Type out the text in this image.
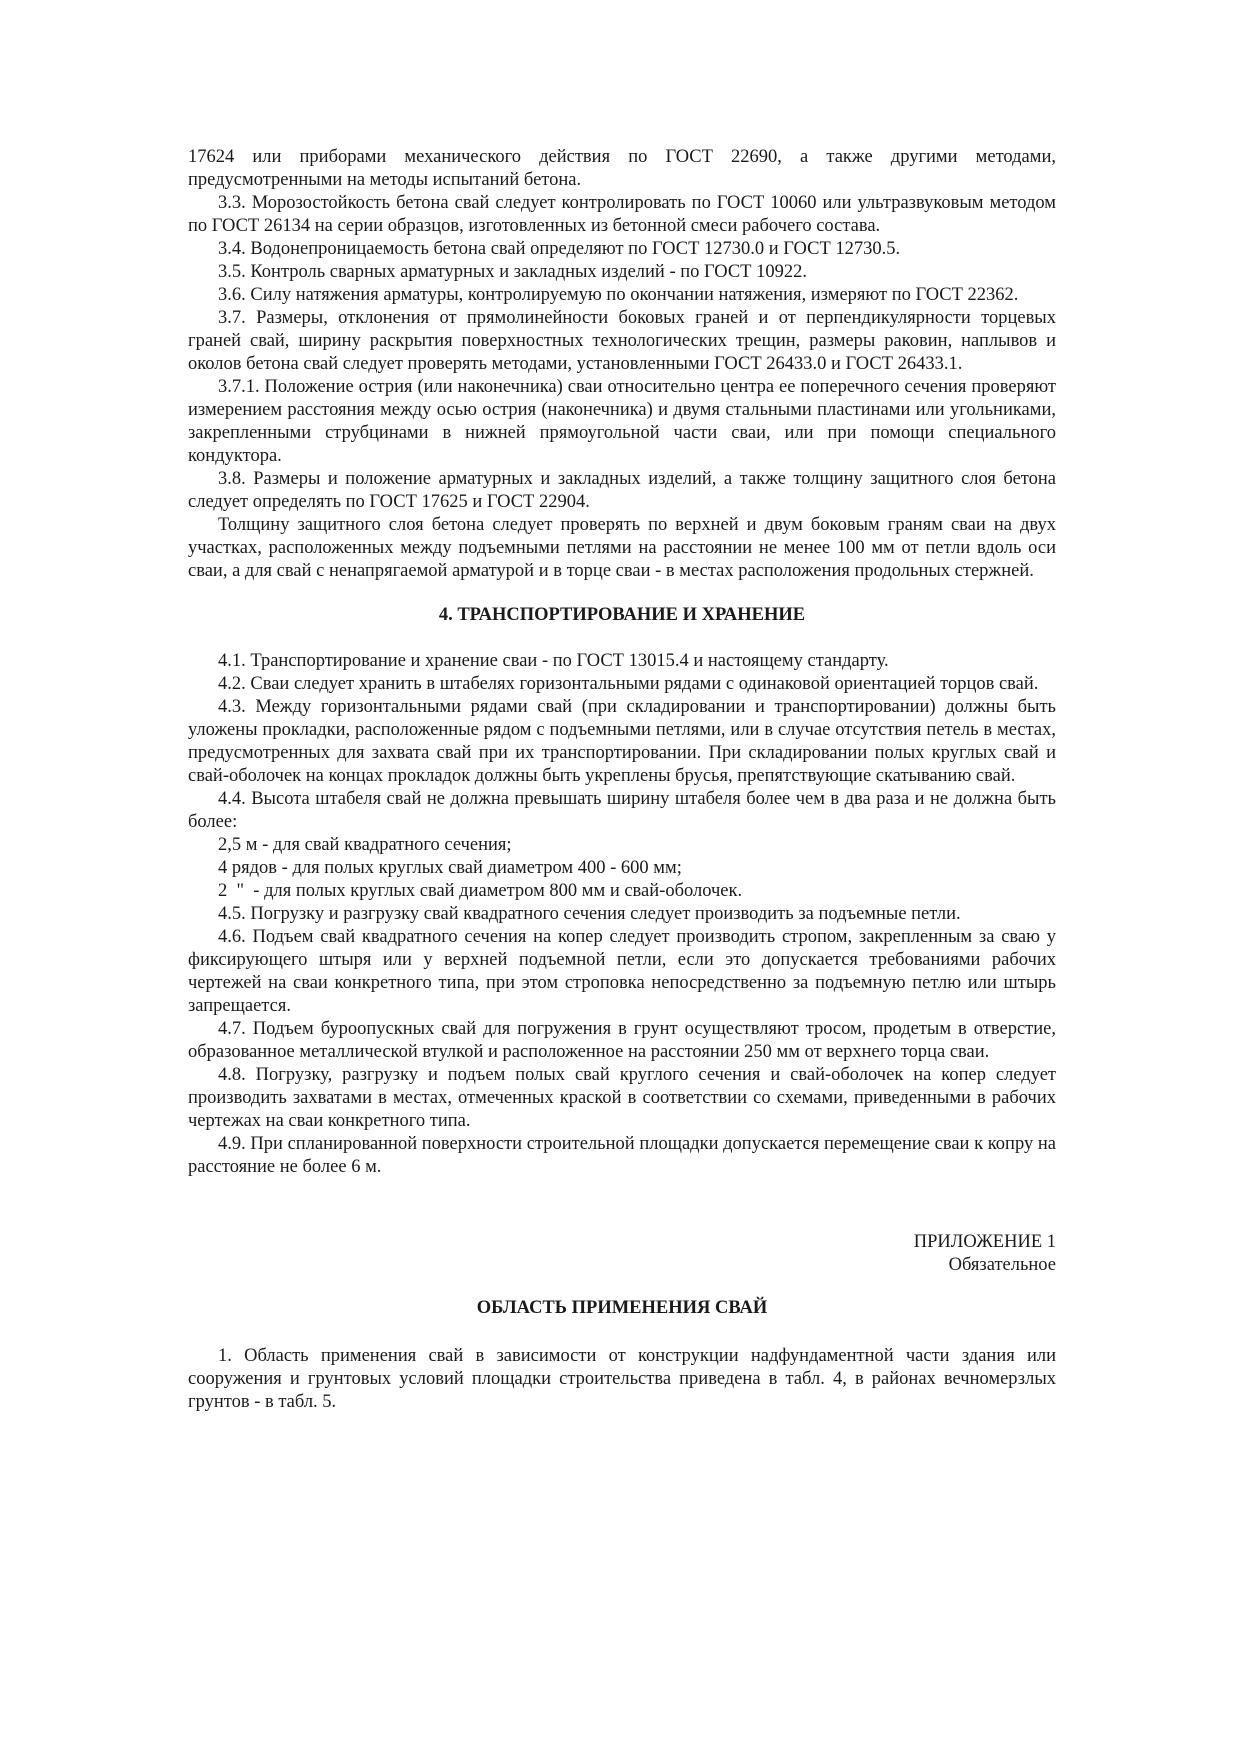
17624 или приборами механического действия по ГОСТ 22690, а также другими методами, предусмотренными на методы испытаний бетона.

3.3. Морозостойкость бетона свай следует контролировать по ГОСТ 10060 или ультразвуковым методом по ГОСТ 26134 на серии образцов, изготовленных из бетонной смеси рабочего состава.

3.4. Водонепроницаемость бетона свай определяют по ГОСТ 12730.0 и ГОСТ 12730.5.

3.5. Контроль сварных арматурных и закладных изделий - по ГОСТ 10922.

3.6. Силу натяжения арматуры, контролируемую по окончании натяжения, измеряют по ГОСТ 22362.

3.7. Размеры, отклонения от прямолинейности боковых граней и от перпендикулярности торцевых граней свай, ширину раскрытия поверхностных технологических трещин, размеры раковин, наплывов и околов бетона свай следует проверять методами, установленными ГОСТ 26433.0 и ГОСТ 26433.1.

3.7.1. Положение острия (или наконечника) сваи относительно центра ее поперечного сечения проверяют измерением расстояния между осью острия (наконечника) и двумя стальными пластинами или угольниками, закрепленными струбцинами в нижней прямоугольной части сваи, или при помощи специального кондуктора.

3.8. Размеры и положение арматурных и закладных изделий, а также толщину защитного слоя бетона следует определять по ГОСТ 17625 и ГОСТ 22904.

Толщину защитного слоя бетона следует проверять по верхней и двум боковым граням сваи на двух участках, расположенных между подъемными петлями на расстоянии не менее 100 мм от петли вдоль оси сваи, а для свай с ненапрягаемой арматурой и в торце сваи - в местах расположения продольных стержней.

4. ТРАНСПОРТИРОВАНИЕ И ХРАНЕНИЕ

4.1. Транспортирование и хранение сваи - по ГОСТ 13015.4 и настоящему стандарту.

4.2. Сваи следует хранить в штабелях горизонтальными рядами с одинаковой ориентацией торцов свай.

4.3. Между горизонтальными рядами свай (при складировании и транспортировании) должны быть уложены прокладки, расположенные рядом с подъемными петлями, или в случае отсутствия петель в местах, предусмотренных для захвата свай при их транспортировании. При складировании полых круглых свай и свай-оболочек на концах прокладок должны быть укреплены брусья, препятствующие скатыванию свай.

4.4. Высота штабеля свай не должна превышать ширину штабеля более чем в два раза и не должна быть более:

2,5 м - для свай квадратного сечения;

4 рядов - для полых круглых свай диаметром 400 - 600 мм;

2  "  - для полых круглых свай диаметром 800 мм и свай-оболочек.

4.5. Погрузку и разгрузку свай квадратного сечения следует производить за подъемные петли.

4.6. Подъем свай квадратного сечения на копер следует производить стропом, закрепленным за сваю у фиксирующего штыря или у верхней подъемной петли, если это допускается требованиями рабочих чертежей на сваи конкретного типа, при этом строповка непосредственно за подъемную петлю или штырь запрещается.

4.7. Подъем буроопускных свай для погружения в грунт осуществляют тросом, продетым в отверстие, образованное металлической втулкой и расположенное на расстоянии 250 мм от верхнего торца сваи.

4.8. Погрузку, разгрузку и подъем полых свай круглого сечения и свай-оболочек на копер следует производить захватами в местах, отмеченных краской в соответствии со схемами, приведенными в рабочих чертежах на сваи конкретного типа.

4.9. При спланированной поверхности строительной площадки допускается перемещение сваи к копру на расстояние не более 6 м.

ПРИЛОЖЕНИЕ 1

Обязательное

ОБЛАСТЬ ПРИМЕНЕНИЯ СВАЙ

1. Область применения свай в зависимости от конструкции надфундаментной части здания или сооружения и грунтовых условий площадки строительства приведена в табл. 4, в районах вечномерзлых грунтов - в табл. 5.
